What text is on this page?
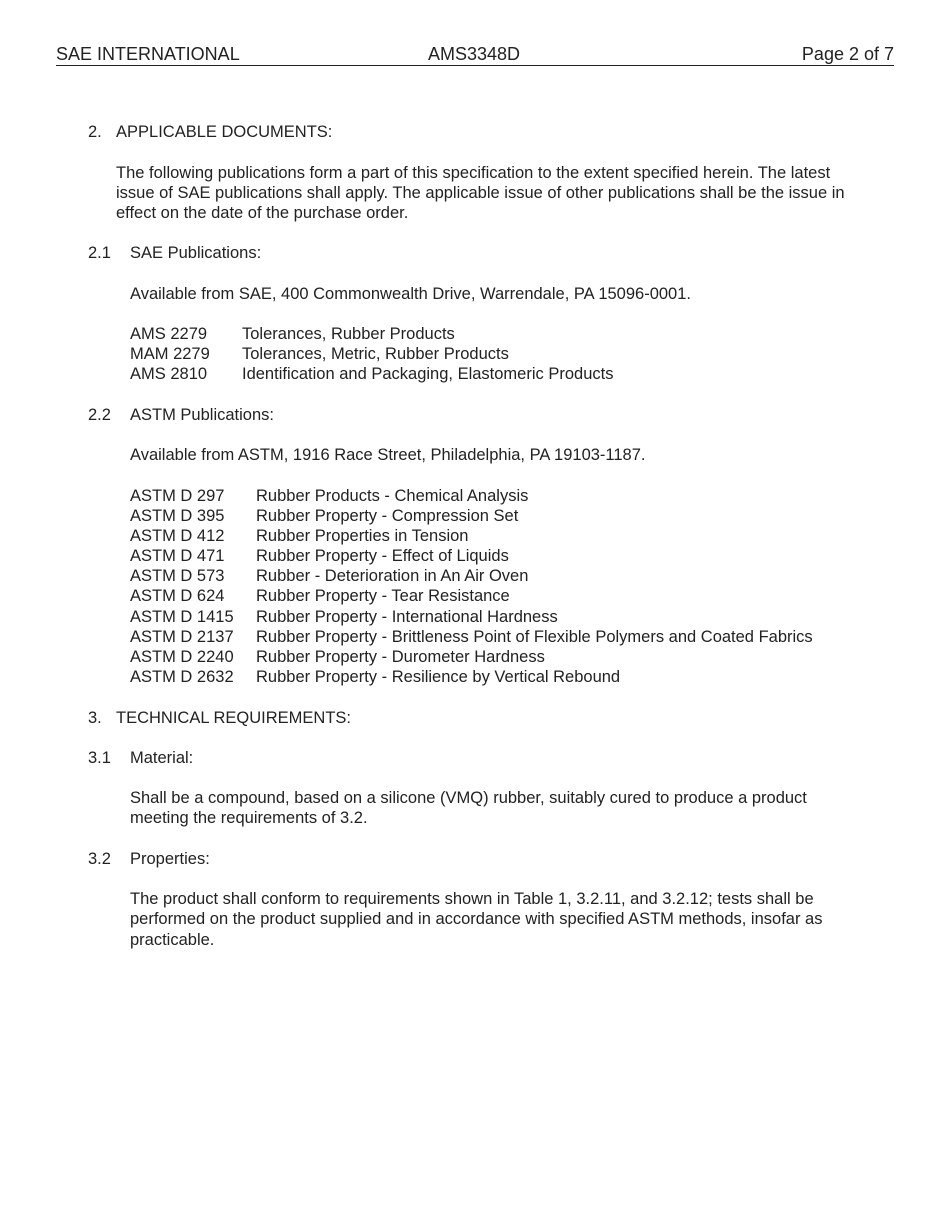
SAE INTERNATIONAL	AMS3348D	Page 2 of 7
2. APPLICABLE DOCUMENTS:
The following publications form a part of this specification to the extent specified herein. The latest
issue of SAE publications shall apply. The applicable issue of other publications shall be the issue in
effect on the date of the purchase order.
2.1 SAE Publications:
Available from SAE, 400 Commonwealth Drive, Warrendale, PA 15096-0001.
AMS 2279 Tolerances, Rubber Products
MAM 2279 Tolerances, Metric, Rubber Products
AMS 2810 Identification and Packaging, Elastomeric Products
2.2 ASTM Publications:
Available from ASTM, 1916 Race Street, Philadelphia, PA 19103-1187.
ASTM D 297 Rubber Products - Chemical Analysis
ASTM D 395 Rubber Property - Compression Set
ASTM D 412 Rubber Properties in Tension
ASTM D 471 Rubber Property - Effect of Liquids
ASTM D 573 Rubber - Deterioration in An Air Oven
ASTM D 624 Rubber Property - Tear Resistance
ASTM D 1415 Rubber Property - International Hardness
ASTM D 2137 Rubber Property - Brittleness Point of Flexible Polymers and Coated Fabrics
ASTM D 2240 Rubber Property - Durometer Hardness
ASTM D 2632 Rubber Property - Resilience by Vertical Rebound
3. TECHNICAL REQUIREMENTS:
3.1 Material:
Shall be a compound, based on a silicone (VMQ) rubber, suitably cured to produce a product
meeting the requirements of 3.2.
3.2 Properties:
The product shall conform to requirements shown in Table 1, 3.2.11, and 3.2.12; tests shall be
performed on the product supplied and in accordance with specified ASTM methods, insofar as
practicable.
